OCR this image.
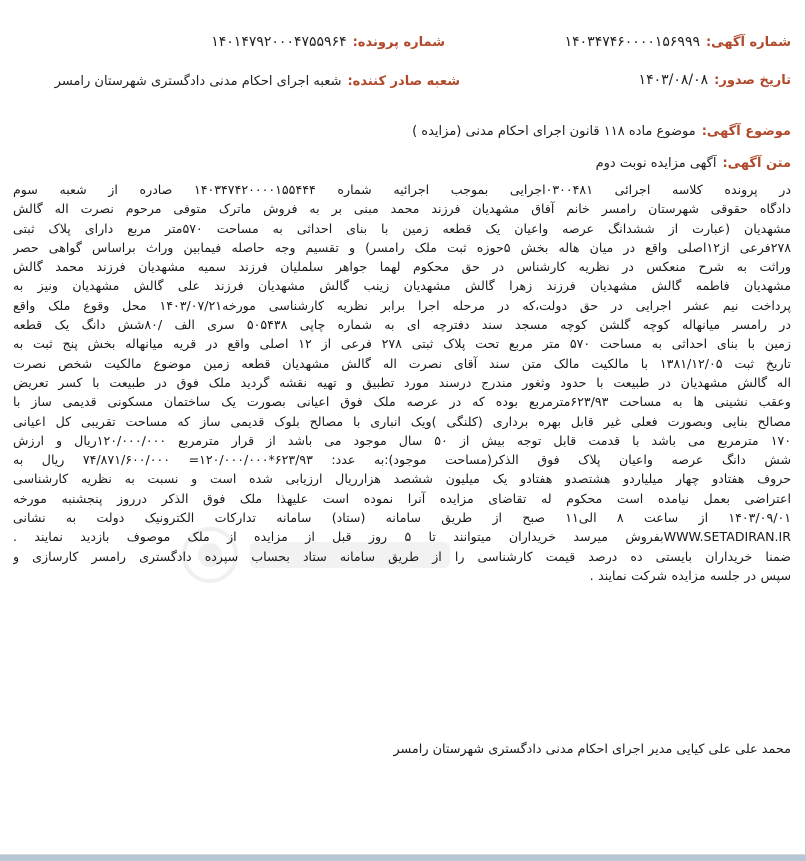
شماره آگهی:
۱۴۰۳۴۷۴۶۰۰۰۰۱۵۶۹۹۹
شماره پرونده:
۱۴۰۱۴۷۹۲۰۰۰۴۷۵۵۹۶۴
تاریخ صدور:
۱۴۰۳/۰۸/۰۸
شعبه صادر کننده:
شعبه اجرای احکام مدنی دادگستری شهرستان رامسر
موضوع آگهی:
موضوع ماده ۱۱۸ قانون اجرای احکام مدنی (مزایده )
متن آگهی:
آگهی مزایده نوبت دوم
در پرونده کلاسه اجرائی ۰۳۰۰۴۸۱اجرایی بموجب اجرائیه شماره ۱۴۰۳۴۷۴۲۰۰۰۰۱۵۵۴۴۴ صادره از شعبه سوم
دادگاه حقوقی شهرستان رامسر خانم آفاق مشهدیان فرزند محمد مبنی بر به فروش ماترک متوفی مرحوم نصرت اله گالش
مشهدیان (عبارت از ششدانگ عرصه واعیان یک قطعه زمین با بنای احداثی به مساحت ۵۷۰متر مربع دارای پلاک ثبتی
۲۷۸فرعی از۱۲اصلی واقع در میان هاله بخش ۵حوزه ثبت ملک رامسر) و تقسیم وجه حاصله فیمابین وراث براساس گواهی حصر
وراثت به شرح منعکس در نظریه کارشناس در حق محکوم لهما جواهر سلملیان فرزند سمیه مشهدیان فرزند محمد گالش
مشهدیان فاطمه گالش مشهدیان فرزند زهرا گالش مشهدیان زینب گالش مشهدیان فرزند علی گالش مشهدیان ونیز به
پرداخت نیم عشر اجرایی در حق دولت،که در مرحله اجرا برابر نظریه کارشناسی مورخه۱۴۰۳/۰۷/۲۱ محل وقوع ملک واقع
در رامسر میانهاله کوچه گلشن کوچه مسجد سند دفترچه ای به شماره چاپی ۵۰۵۴۳۸ سری الف /۸۰شش دانگ یک قطعه
زمین با بنای احداثی به مساحت ۵۷۰ متر مربع تحت پلاک ثبتی ۲۷۸ فرعی از ۱۲ اصلی واقع در قریه میانهاله بخش پنج ثبت به
تاریخ ثبت ۱۳۸۱/۱۲/۰۵ با مالکیت مالک متن سند آقای نصرت اله گالش مشهدیان قطعه زمین موضوع مالکیت شخص نصرت
اله گالش مشهدیان در طبیعت با حدود وثغور مندرج درسند مورد تطبیق و تهیه نقشه گردید ملک فوق در طبیعت با کسر تعریض
وعقب نشینی ها به مساحت ۶۲۳/۹۳مترمربع بوده که در عرصه ملک فوق اعیانی بصورت یک ساختمان مسکونی قدیمی ساز با
مصالح بنایی وبصورت فعلی غیر قابل بهره برداری (کلنگی )ویک انباری با مصالح بلوک قدیمی ساز که مساحت تقریبی کل اعیانی
۱۷۰ مترمربع می باشد با قدمت قابل توجه بیش از ۵۰ سال موجود می باشد از قرار مترمربع ۱۲۰/۰۰۰/۰۰۰ریال و ارزش
شش دانگ عرصه واعیان پلاک فوق الذکر(مساحت موجود):به عدد: ۶۲۳/۹۳*۱۲۰/۰۰۰/۰۰۰= ۷۴/۸۷۱/۶۰۰/۰۰۰ ریال به
حروف هفتادو چهار میلیاردو هشتصدو هفتادو یک میلیون ششصد هزارریال ارزیابی شده است و نسبت به نظریه کارشناسی
اعتراضی بعمل نیامده است محکوم له تقاضای مزایده آنرا نموده است علیهذا ملک فوق الذکر درروز پنجشنبه مورخه
۱۴۰۳/۰۹/۰۱ از ساعت ۸ الی۱۱ صبح از طریق سامانه (ستاد) سامانه تدارکات الکترونیک دولت به نشانی
WWW.SETADIRAN.IRبفروش میرسد خریداران میتوانند تا ۵ روز قبل از مزایده از ملک موصوف بازدید نمایند .
ضمنا خریداران بایستی ده درصد قیمت کارشناسی را از طریق سامانه ستاد بحساب سپرده دادگستری رامسر کارسازی و
سپس در جلسه مزایده شرکت نمایند .
محمد علی علی کیایی مدیر اجرای احکام مدنی دادگستری شهرستان رامسر
